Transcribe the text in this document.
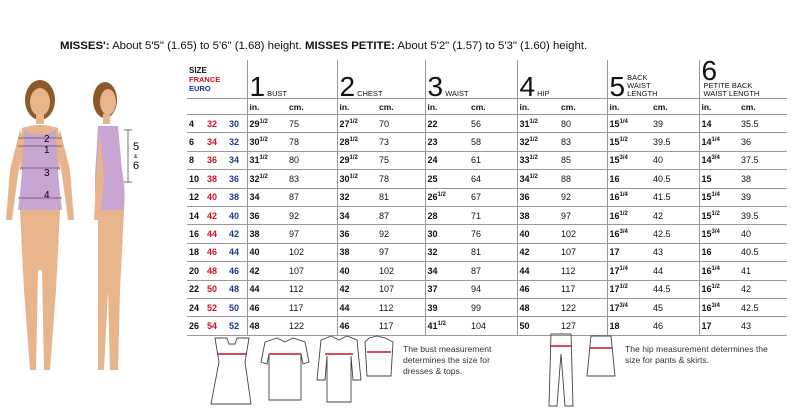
MISSES': About 5'5" (1.65) to 5'6" (1.68) height. MISSES PETITE: About 5'2" (1.57) to 5'3" (1.60) height.
2
1
3
4
5
&
6
SIZE
FRANCE
EURO			1 BUST		2 CHEST		3 WAIST		4 HIP		5 BACK WAIST LENGTH		6PETITE BACK WAIST LENGTH	
			in.	cm.	in.	cm.	in.	cm.	in.	cm.	in.	cm.	in.	cm.
4	32	30	$29^{1/2}$	75	$27^{1/2}$	70	22	56	$31^{1/2}$	80	$15^{1/4}$	39	14	35.5
6	34	32	$30^{1/2}$	78	$28^{1/2}$	73	23	58	$32^{1/2}$	83	$15^{1/2}$	39.5	$14^{1/4}$	36
8	36	34	$31^{1/2}$	80	$29^{1/2}$	75	24	61	$33^{1/2}$	85	$15^{3/4}$	40	$14^{3/4}$	37.5
10	38	36	$32^{1/2}$	83	$30^{1/2}$	78	25	64	$34^{1/2}$	88	16	40.5	15	38
12	40	38	34	87	32	81	$26^{1/2}$	67	36	92	$16^{1/4}$	41.5	$15^{1/4}$	39
14	42	40	36	92	34	87	28	71	38	97	$16^{1/2}$	42	$15^{1/2}$	39.5
16	44	42	38	97	36	92	30	76	40	102	$16^{3/4}$	42.5	$15^{3/4}$	40
18	46	44	40	102	38	97	32	81	42	107	17	43	16	40.5
20	48	46	42	107	40	102	34	87	44	112	$17^{1/4}$	44	$16^{1/4}$	41
22	50	48	44	112	42	107	37	94	46	117	$17^{1/2}$	44.5	$16^{1/2}$	42
24	52	50	46	117	44	112	39	99	48	122	$17^{3/4}$	45	$16^{3/4}$	42.5
26	54	52	48	122	46	117	$41^{1/2}$	104	50	127	18	46	17	43
The bust measurement determines the size for dresses & tops.
The hip measurement determines the size for pants & skirts.
